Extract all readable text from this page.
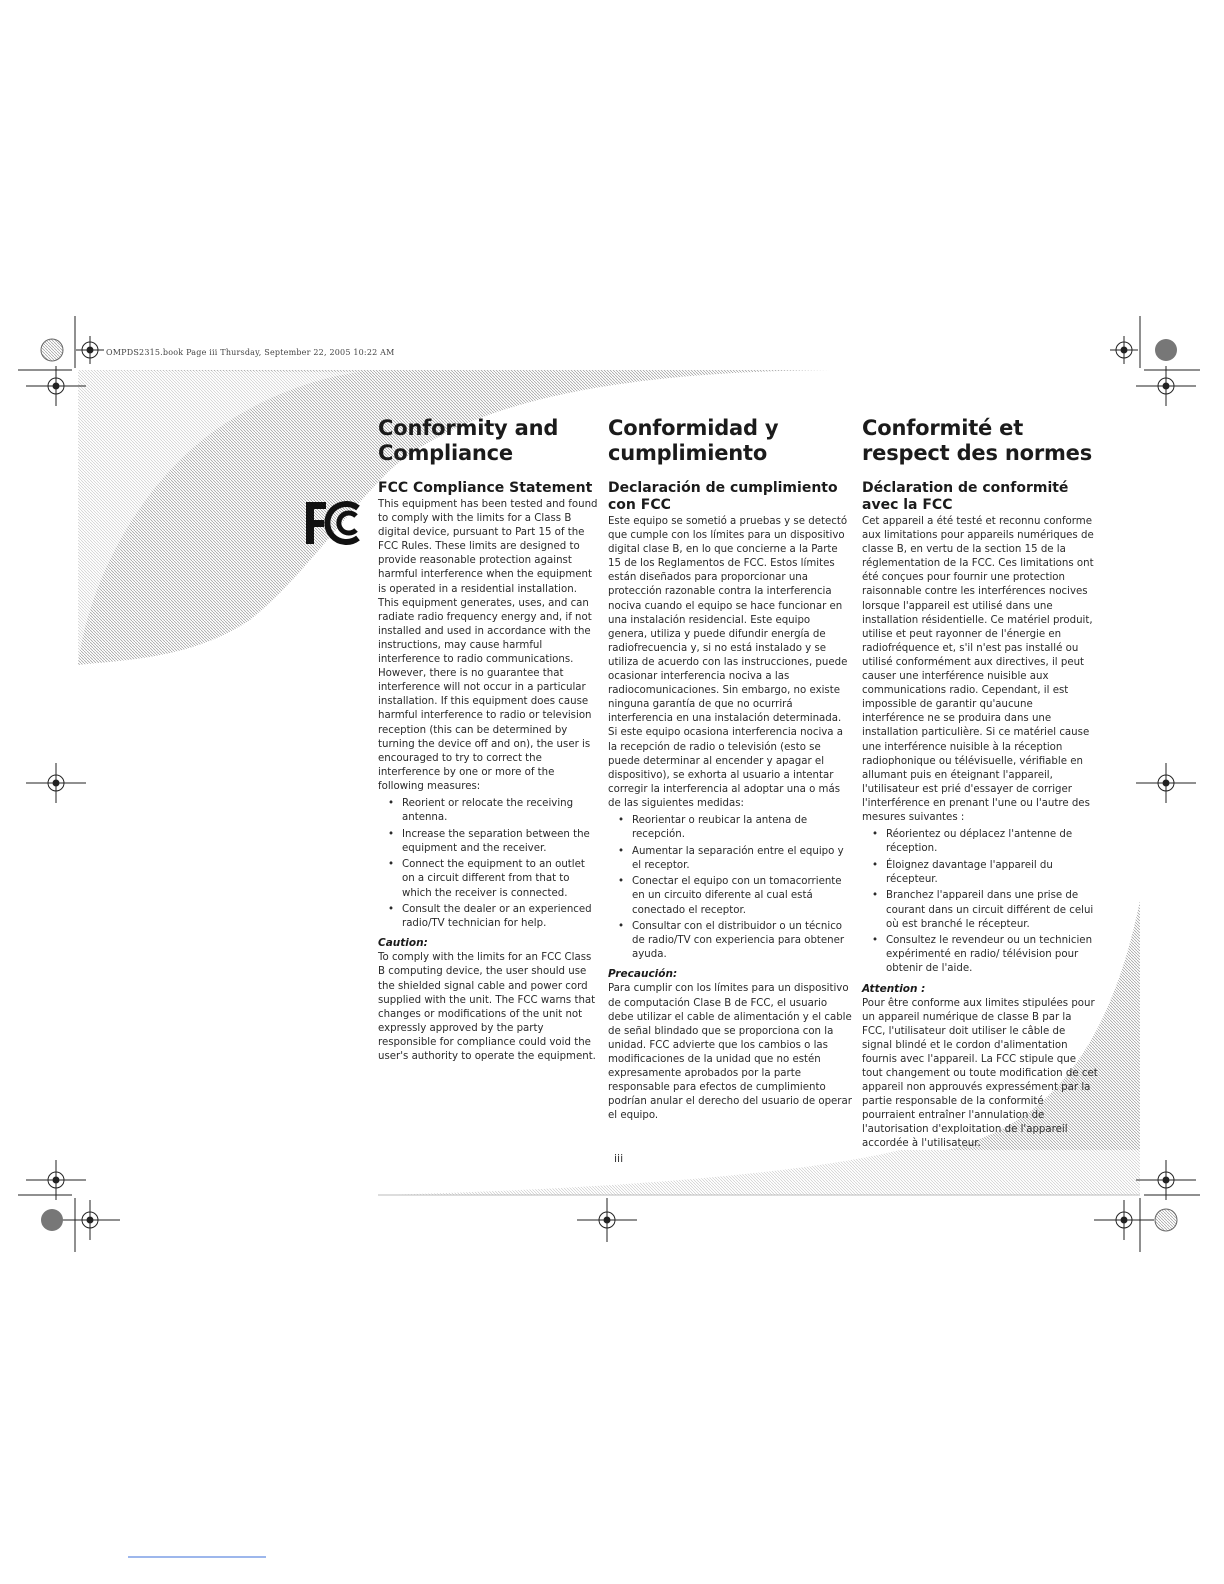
OMPDS2315.book Page iii Thursday, September 22, 2005 10:22 AM
Conformity and Compliance
FCC Compliance Statement

This equipment has been tested and found to comply with the limits for a Class B digital device, pursuant to Part 15 of the FCC Rules. These limits are designed to provide reasonable protection against harmful interference when the equipment is operated in a residential installation. This equipment generates, uses, and can radiate radio frequency energy and, if not installed and used in accordance with the instructions, may cause harmful interference to radio communications. However, there is no guarantee that interference will not occur in a particular installation. If this equipment does cause harmful interference to radio or television reception (this can be determined by turning the device off and on), the user is encouraged to try to correct the interference by one or more of the following measures:

• Reorient or relocate the receiving antenna.
• Increase the separation between the equipment and the receiver.
• Connect the equipment to an outlet on a circuit different from that to which the receiver is connected.
• Consult the dealer or an experienced radio/TV technician for help.
Caution:

To comply with the limits for an FCC Class B computing device, the user should use the shielded signal cable and power cord supplied with the unit. The FCC warns that changes or modifications of the unit not expressly approved by the party responsible for compliance could void the user's authority to operate the equipment.

Conformidad y cumplimiento
Declaración de cumplimiento con FCC

Este equipo se sometió a pruebas y se detectó que cumple con los límites para un dispositivo digital clase B, en lo que concierne a la Parte 15 de los Reglamentos de FCC. Estos límites están diseñados para proporcionar una protección razonable contra la interferencia nociva cuando el equipo se hace funcionar en una instalación residencial. Este equipo genera, utiliza y puede difundir energía de radiofrecuencia y, si no está instalado y se utiliza de acuerdo con las instrucciones, puede ocasionar interferencia nociva a las radiocomunicaciones. Sin embargo, no existe ninguna garantía de que no ocurrirá interferencia en una instalación determinada. Si este equipo ocasiona interferencia nociva a la recepción de radio o televisión (esto se puede determinar al encender y apagar el dispositivo), se exhorta al usuario a intentar corregir la interferencia al adoptar una o más de las siguientes medidas:

• Reorientar o reubicar la antena de recepción.
• Aumentar la separación entre el equipo y el receptor.
• Conectar el equipo con un tomacorriente en un circuito diferente al cual está conectado el receptor.
• Consultar con el distribuidor o un técnico de radio/TV con experiencia para obtener ayuda.
Precaución:

Para cumplir con los límites para un dispositivo de computación Clase B de FCC, el usuario debe utilizar el cable de alimentación y el cable de señal blindado que se proporciona con la unidad. FCC advierte que los cambios o las modificaciones de la unidad que no estén expresamente aprobados por la parte responsable para efectos de cumplimiento podrían anular el derecho del usuario de operar el equipo.

Conformité et respect des normes
Déclaration de conformité avec la FCC

Cet appareil a été testé et reconnu conforme aux limitations pour appareils numériques de classe B, en vertu de la section 15 de la réglementation de la FCC. Ces limitations ont été conçues pour fournir une protection raisonnable contre les interférences nocives lorsque l'appareil est utilisé dans une installation résidentielle. Ce matériel produit, utilise et peut rayonner de l'énergie en radiofréquence et, s'il n'est pas installé ou utilisé conformément aux directives, il peut causer une interférence nuisible aux communications radio. Cependant, il est impossible de garantir qu'aucune interférence ne se produira dans une installation particulière. Si ce matériel cause une interférence nuisible à la réception radiophonique ou télévisuelle, vérifiable en allumant puis en éteignant l'appareil, l'utilisateur est prié d'essayer de corriger l'interférence en prenant l'une ou l'autre des mesures suivantes :

• Réorientez ou déplacez l'antenne de réception.
• Éloignez davantage l'appareil du récepteur.
• Branchez l'appareil dans une prise de courant dans un circuit différent de celui où est branché le récepteur.
• Consultez le revendeur ou un technicien expérimenté en radio/ télévision pour obtenir de l'aide.
Attention :

Pour être conforme aux limites stipulées pour un appareil numérique de classe B par la FCC, l'utilisateur doit utiliser le câble de signal blindé et le cordon d'alimentation fournis avec l'appareil. La FCC stipule que tout changement ou toute modification de cet appareil non approuvés expressément par la partie responsable de la conformité pourraient entraîner l'annulation de l'autorisation d'exploitation de l'appareil accordée à l'utilisateur.

iii
